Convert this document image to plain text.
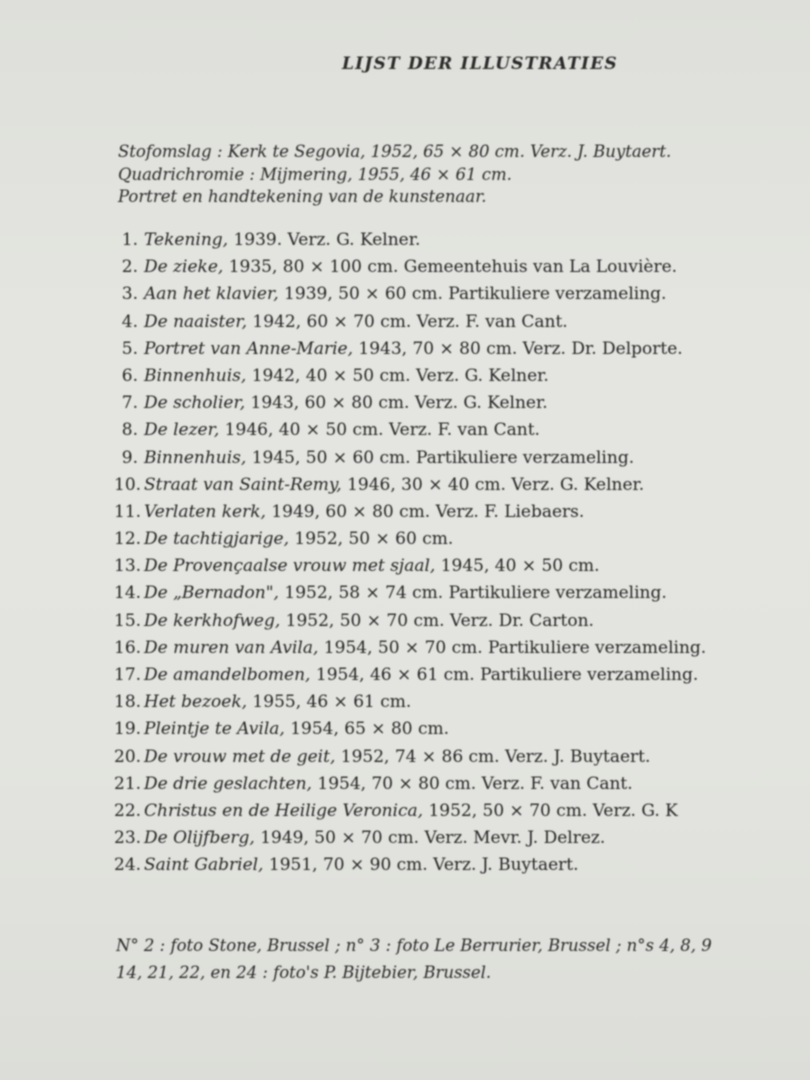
LIJST DER ILLUSTRATIES
Stofomslag : Kerk te Segovia, 1952, 65 × 80 cm. Verz. J. Buytaert.
Quadrichromie : Mijmering, 1955, 46 × 61 cm.
Portret en handtekening van de kunstenaar.
1. Tekening, 1939. Verz. G. Kelner.
2. De zieke, 1935, 80 × 100 cm. Gemeentehuis van La Louvière.
3. Aan het klavier, 1939, 50 × 60 cm. Partikuliere verzameling.
4. De naaister, 1942, 60 × 70 cm. Verz. F. van Cant.
5. Portret van Anne-Marie, 1943, 70 × 80 cm. Verz. Dr. Delporte.
6. Binnenhuis, 1942, 40 × 50 cm. Verz. G. Kelner.
7. De scholier, 1943, 60 × 80 cm. Verz. G. Kelner.
8. De lezer, 1946, 40 × 50 cm. Verz. F. van Cant.
9. Binnenhuis, 1945, 50 × 60 cm. Partikuliere verzameling.
10. Straat van Saint-Remy, 1946, 30 × 40 cm. Verz. G. Kelner.
11. Verlaten kerk, 1949, 60 × 80 cm. Verz. F. Liebaers.
12. De tachtigjarige, 1952, 50 × 60 cm.
13. De Provençaalse vrouw met sjaal, 1945, 40 × 50 cm.
14. De „Bernadon", 1952, 58 × 74 cm. Partikuliere verzameling.
15. De kerkhofweg, 1952, 50 × 70 cm. Verz. Dr. Carton.
16. De muren van Avila, 1954, 50 × 70 cm. Partikuliere verzameling.
17. De amandelbomen, 1954, 46 × 61 cm. Partikuliere verzameling.
18. Het bezoek, 1955, 46 × 61 cm.
19. Pleintje te Avila, 1954, 65 × 80 cm.
20. De vrouw met de geit, 1952, 74 × 86 cm. Verz. J. Buytaert.
21. De drie geslachten, 1954, 70 × 80 cm. Verz. F. van Cant.
22. Christus en de Heilige Veronica, 1952, 50 × 70 cm. Verz. G. K
23. De Olijfberg, 1949, 50 × 70 cm. Verz. Mevr. J. Delrez.
24. Saint Gabriel, 1951, 70 × 90 cm. Verz. J. Buytaert.
N° 2 : foto Stone, Brussel ; n° 3 : foto Le Berrurier, Brussel ; n°s 4, 8, 9
14, 21, 22, en 24 : foto's P. Bijtebier, Brussel.
